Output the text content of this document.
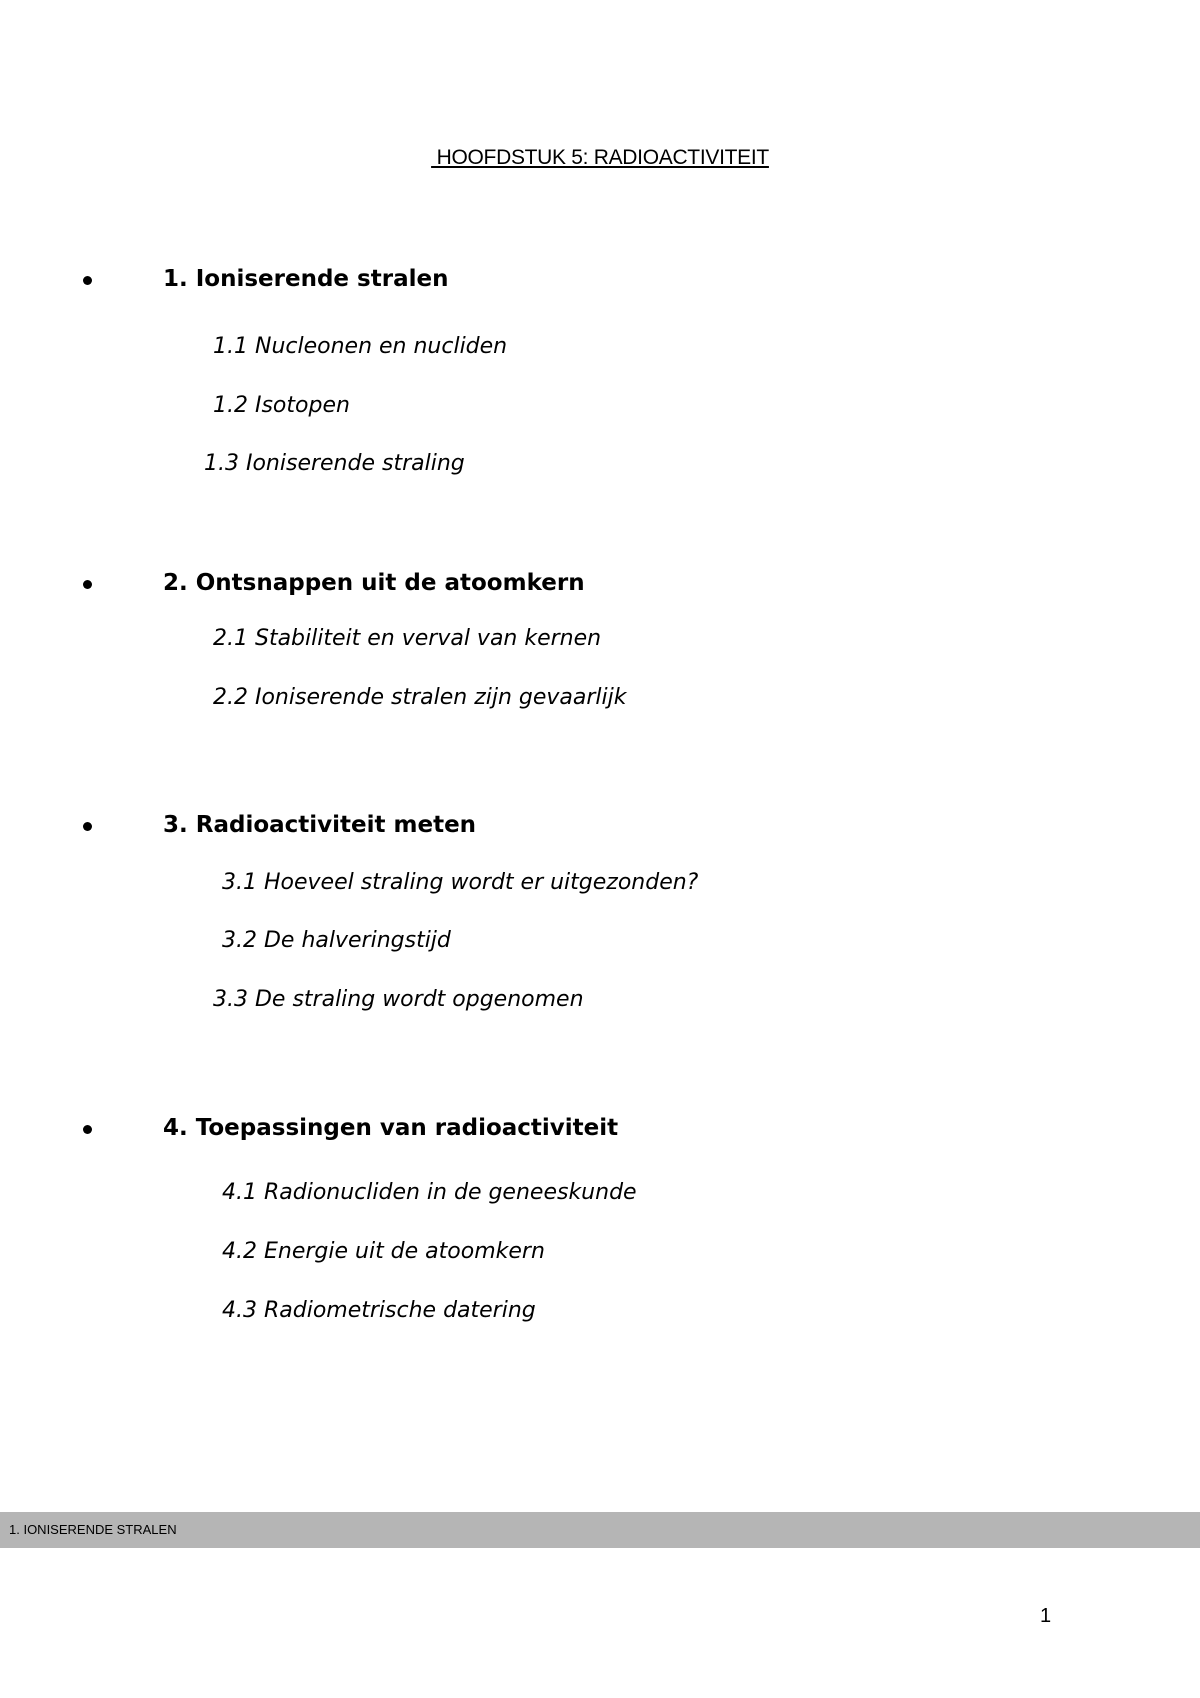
HOOFDSTUK 5: RADIOACTIVITEIT
1. Ioniserende stralen
1.1 Nucleonen en nucliden
1.2 Isotopen
1.3 Ioniserende straling
2. Ontsnappen uit de atoomkern
2.1 Stabiliteit en verval van kernen
2.2 Ioniserende stralen zijn gevaarlijk
3. Radioactiviteit meten
3.1 Hoeveel straling wordt er uitgezonden?
3.2 De halveringstijd
3.3 De straling wordt opgenomen
4. Toepassingen van radioactiviteit
4.1 Radionucliden in de geneeskunde
4.2 Energie uit de atoomkern
4.3 Radiometrische datering
1. IONISERENDE STRALEN
1
